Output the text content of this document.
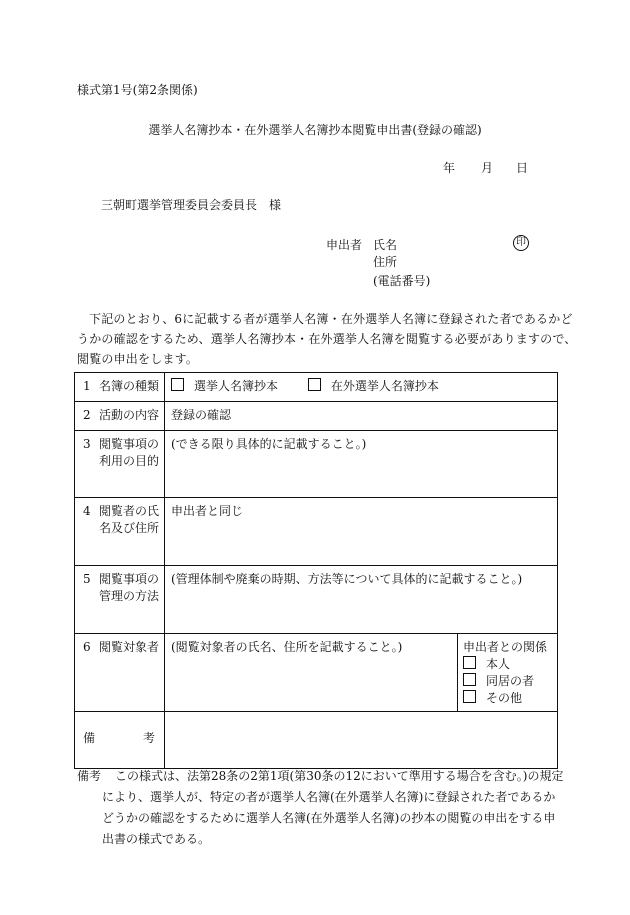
様式第1号(第2条関係)
選挙人名簿抄本・在外選挙人名簿抄本閲覧申出書(登録の確認)
年 月 日
三朝町選挙管理委員会委員長　様
申出者 氏名	印
住所
(電話番号)
下記のとおり、6に記載する者が選挙人名簿・在外選挙人名簿に登録された者であるかど
うかの確認をするため、選挙人名簿抄本・在外選挙人名簿を閲覧する必要がありますので、
閲覧の申出をします。
1 名簿の種類	選挙人名簿抄本 在外選挙人名簿抄本	
2 活動の内容	登録の確認	
3 閲覧事項の
利用の目的	(できる限り具体的に記載すること。)	
4 閲覧者の氏
名及び住所	申出者と同じ	
5 閲覧事項の
管理の方法	(管理体制や廃棄の時期、方法等について具体的に記載すること。)	
6 閲覧対象者	(閲覧対象者の氏名、住所を記載すること。)	申出者との関係
本人
同居の者
その他

備 考		

備考 この様式は、法第28条の2第1項(第30条の12において準用する場合を含む。)の規定
により、選挙人が、特定の者が選挙人名簿(在外選挙人名簿)に登録された者であるか
どうかの確認をするために選挙人名簿(在外選挙人名簿)の抄本の閲覧の申出をする申
出書の様式である。
